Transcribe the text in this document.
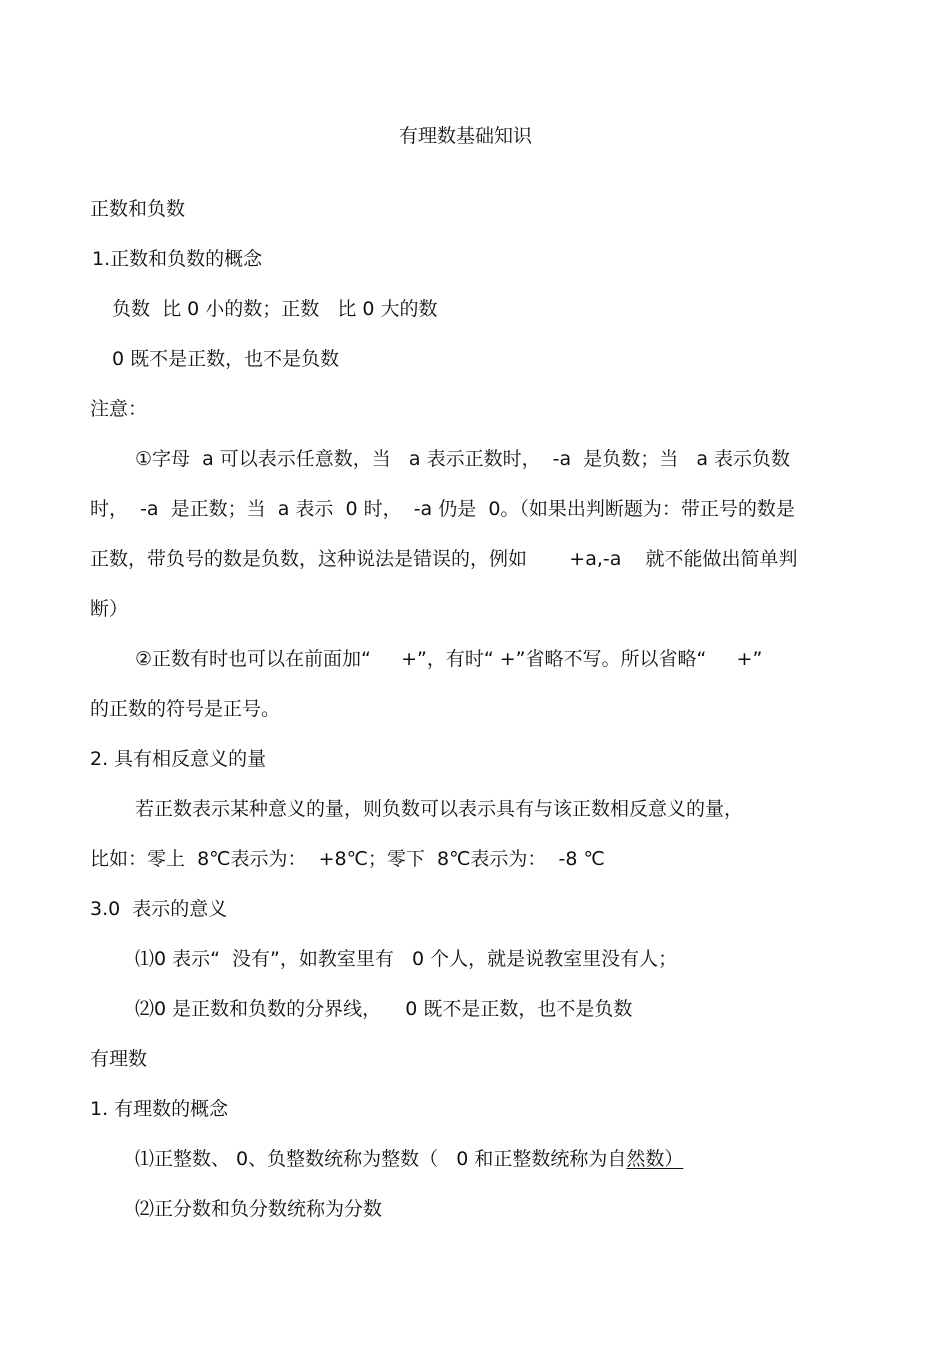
有理数基础知识
正数和负数
1.正数和负数的概念
负数  比 0 小的数；正数   比 0 大的数
0 既不是正数，也不是负数
注意：
①字母  a 可以表示任意数，当   a 表示正数时，  -a  是负数；当   a 表示负数
时，  -a  是正数；当  a 表示  0 时，  -a 仍是  0。（如果出判断题为：带正号的数是
正数，带负号的数是负数，这种说法是错误的，例如       +a,-a    就不能做出简单判
断）
②正数有时也可以在前面加“     +”，有时“ +”省略不写。所以省略“     +”
的正数的符号是正号。
2. 具有相反意义的量
若正数表示某种意义的量，则负数可以表示具有与该正数相反意义的量，
比如：零上  8℃表示为：  +8℃；零下  8℃表示为：  -8 ℃
3.0  表示的意义
⑴0 表示“  没有”，如教室里有   0 个人，就是说教室里没有人；
⑵0 是正数和负数的分界线，    0 既不是正数，也不是负数
有理数
1. 有理数的概念
⑴正整数、 0、负整数统称为整数（   0 和正整数统称为自然数）
⑵正分数和负分数统称为分数
